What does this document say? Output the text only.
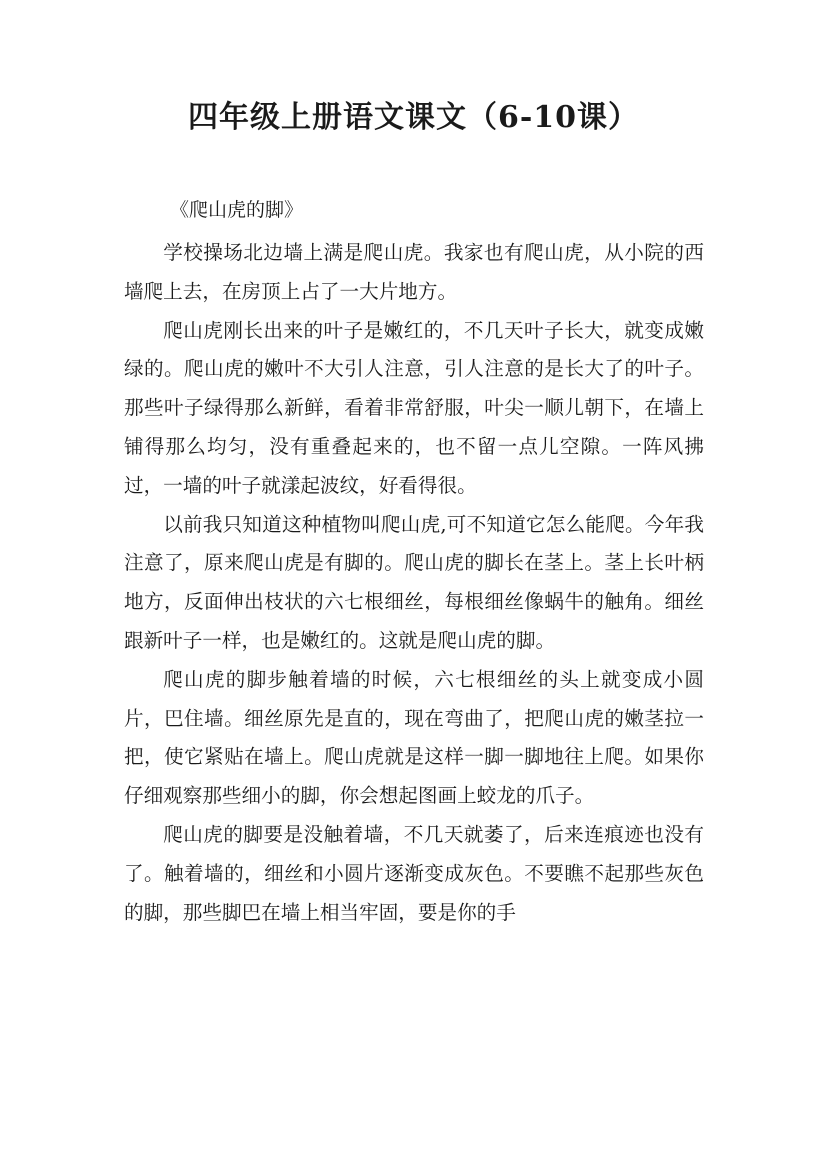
四年级上册语文课文（6-10课）
《爬山虎的脚》

学校操场北边墙上满是爬山虎。我家也有爬山虎，从小院的西墙爬上去，在房顶上占了一大片地方。

爬山虎刚长出来的叶子是嫩红的，不几天叶子长大，就变成嫩绿的。爬山虎的嫩叶不大引人注意，引人注意的是长大了的叶子。那些叶子绿得那么新鲜，看着非常舒服，叶尖一顺儿朝下，在墙上铺得那么均匀，没有重叠起来的，也不留一点儿空隙。一阵风拂过，一墙的叶子就漾起波纹，好看得很。

以前我只知道这种植物叫爬山虎,可不知道它怎么能爬。今年我注意了，原来爬山虎是有脚的。爬山虎的脚长在茎上。茎上长叶柄地方，反面伸出枝状的六七根细丝，每根细丝像蜗牛的触角。细丝跟新叶子一样，也是嫩红的。这就是爬山虎的脚。

爬山虎的脚步触着墙的时候，六七根细丝的头上就变成小圆片，巴住墙。细丝原先是直的，现在弯曲了，把爬山虎的嫩茎拉一把，使它紧贴在墙上。爬山虎就是这样一脚一脚地往上爬。如果你仔细观察那些细小的脚，你会想起图画上蛟龙的爪子。

爬山虎的脚要是没触着墙，不几天就萎了，后来连痕迹也没有了。触着墙的，细丝和小圆片逐渐变成灰色。不要瞧不起那些灰色的脚，那些脚巴在墙上相当牢固，要是你的手
